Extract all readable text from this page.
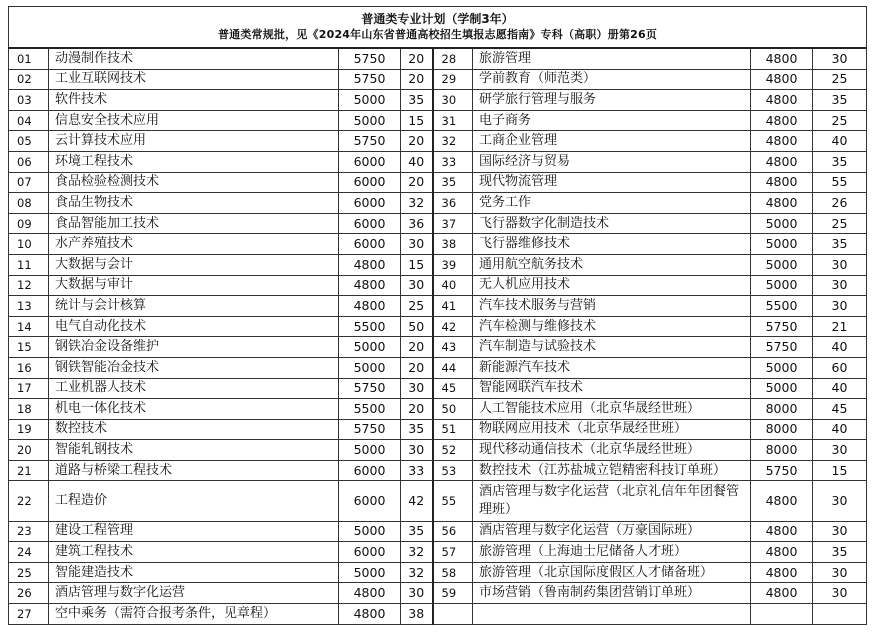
普通类专业计划（学制3年）
普通类常规批，见《2024年山东省普通高校招生填报志愿指南》专科（高职）册第26页							

01	动漫制作技术	5750	20	28	旅游管理	4800	30
02	工业互联网技术	5750	20	29	学前教育（师范类）	4800	25
03	软件技术	5000	35	30	研学旅行管理与服务	4800	35
04	信息安全技术应用	5000	15	31	电子商务	4800	25
05	云计算技术应用	5750	20	32	工商企业管理	4800	40
06	环境工程技术	6000	40	33	国际经济与贸易	4800	35
07	食品检验检测技术	6000	20	35	现代物流管理	4800	55
08	食品生物技术	6000	32	36	党务工作	4800	26
09	食品智能加工技术	6000	36	37	飞行器数字化制造技术	5000	25
10	水产养殖技术	6000	30	38	飞行器维修技术	5000	35
11	大数据与会计	4800	15	39	通用航空航务技术	5000	30
12	大数据与审计	4800	30	40	无人机应用技术	5000	30
13	统计与会计核算	4800	25	41	汽车技术服务与营销	5500	30
14	电气自动化技术	5500	50	42	汽车检测与维修技术	5750	21
15	钢铁冶金设备维护	5000	20	43	汽车制造与试验技术	5750	40
16	钢铁智能冶金技术	5000	20	44	新能源汽车技术	5000	60
17	工业机器人技术	5750	30	45	智能网联汽车技术	5000	40
18	机电一体化技术	5500	20	50	人工智能技术应用（北京华晟经世班）	8000	45
19	数控技术	5750	35	51	物联网应用技术（北京华晟经世班）	8000	40
20	智能轧钢技术	5000	30	52	现代移动通信技术（北京华晟经世班）	8000	30
21	道路与桥梁工程技术	6000	33	53	数控技术（江苏盐城立铠精密科技订单班）	5750	15
22	工程造价	6000	42	55	酒店管理与数字化运营（北京礼信年年团餐管理班）	4800	30
23	建设工程管理	5000	35	56	酒店管理与数字化运营（万豪国际班）	4800	30
24	建筑工程技术	6000	32	57	旅游管理（上海迪士尼储备人才班）	4800	35
25	智能建造技术	5000	32	58	旅游管理（北京国际度假区人才储备班）	4800	30
26	酒店管理与数字化运营	4800	30	59	市场营销（鲁南制药集团营销订单班）	4800	30
27	空中乘务（需符合报考条件，见章程）	4800	38				
